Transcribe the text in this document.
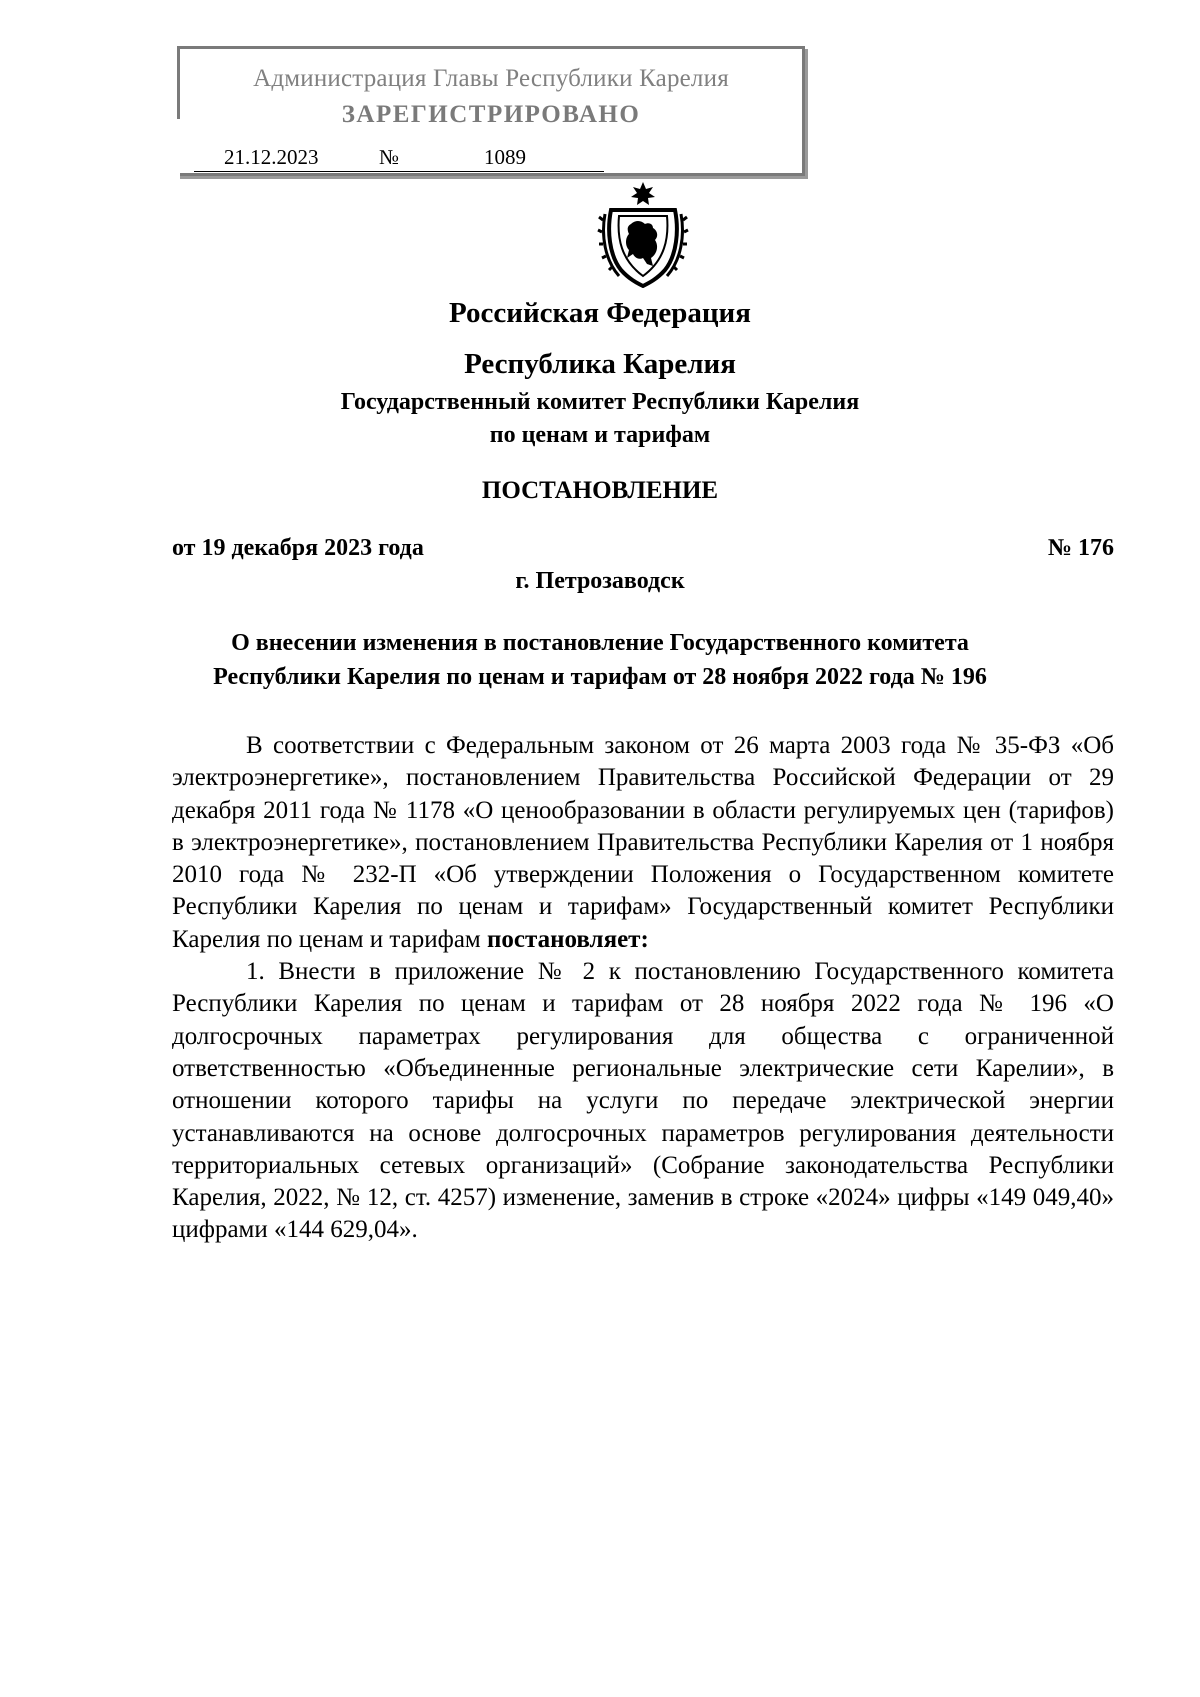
Администрация Главы Республики Карелия
ЗАРЕГИСТРИРОВАНО
21.12.2023	№	1089
Российская Федерация
Республика Карелия
Государственный комитет Республики Карелия
по ценам и тарифам
ПОСТАНОВЛЕНИЕ
от 19 декабря 2023 года	№ 176
г. Петрозаводск
О внесении изменения в постановление Государственного комитета
Республики Карелия по ценам и тарифам от 28 ноября 2022 года № 196

В соответствии с Федеральным законом от 26 марта 2003 года № 35-ФЗ «Об электроэнергетике», постановлением Правительства Российской Федерации от 29 декабря 2011 года № 1178 «О ценообразовании в области регулируемых цен (тарифов) в электроэнергетике», постановлением Правительства Республики Карелия от 1 ноября 2010 года № 232-П «Об утверждении Положения о Государственном комитете Республики Карелия по ценам и тарифам» Государственный комитет Республики Карелия по ценам и тарифам постановляет:

1. Внести в приложение № 2 к постановлению Государственного комитета Республики Карелия по ценам и тарифам от 28 ноября 2022 года № 196 «О долгосрочных параметрах регулирования для общества с ограниченной ответственностью «Объединенные региональные электрические сети Карелии», в отношении которого тарифы на услуги по передаче электрической энергии устанавливаются на основе долгосрочных параметров регулирования деятельности территориальных сетевых организаций» (Собрание законодательства Республики Карелия, 2022, № 12, ст. 4257) изменение, заменив в строке «2024» цифры «149 049,40» цифрами «144 629,04».
